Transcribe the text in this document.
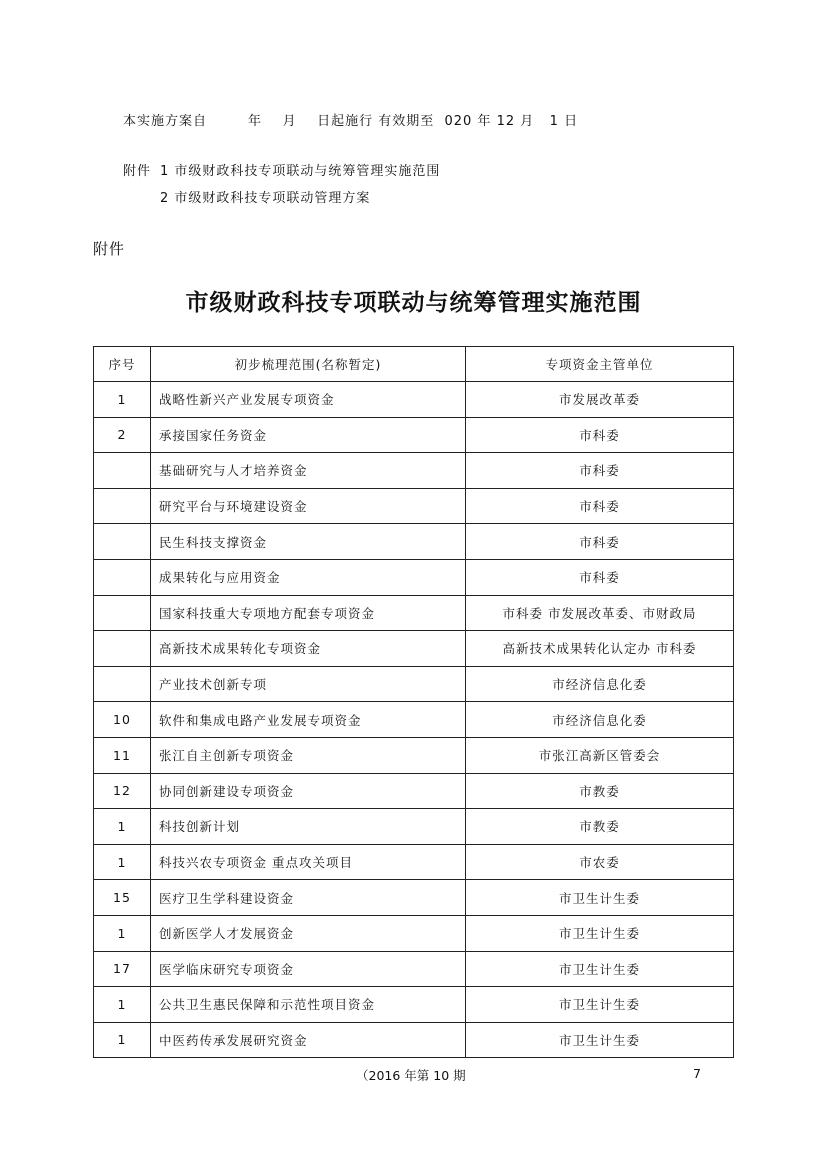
本实施方案自        年    月    日起施行 有效期至  020 年 12 月   1 日
附件 1 市级财政科技专项联动与统筹管理实施范围
2 市级财政科技专项联动管理方案
附件
市级财政科技专项联动与统筹管理实施范围
序号	初步梳理范围(名称暂定)	专项资金主管单位
1	战略性新兴产业发展专项资金	市发展改革委
2	承接国家任务资金	市科委
	基础研究与人才培养资金	市科委
	研究平台与环境建设资金	市科委
	民生科技支撑资金	市科委
	成果转化与应用资金	市科委
	国家科技重大专项地方配套专项资金	市科委 市发展改革委、市财政局
	高新技术成果转化专项资金	高新技术成果转化认定办 市科委
	产业技术创新专项	市经济信息化委
10	软件和集成电路产业发展专项资金	市经济信息化委
11	张江自主创新专项资金	市张江高新区管委会
12	协同创新建设专项资金	市教委
1	科技创新计划	市教委
1	科技兴农专项资金 重点攻关项目	市农委
15	医疗卫生学科建设资金	市卫生计生委
1	创新医学人才发展资金	市卫生计生委
17	医学临床研究专项资金	市卫生计生委
1	公共卫生惠民保障和示范性项目资金	市卫生计生委
1	中医药传承发展研究资金	市卫生计生委
（2016 年第 10 期	7
